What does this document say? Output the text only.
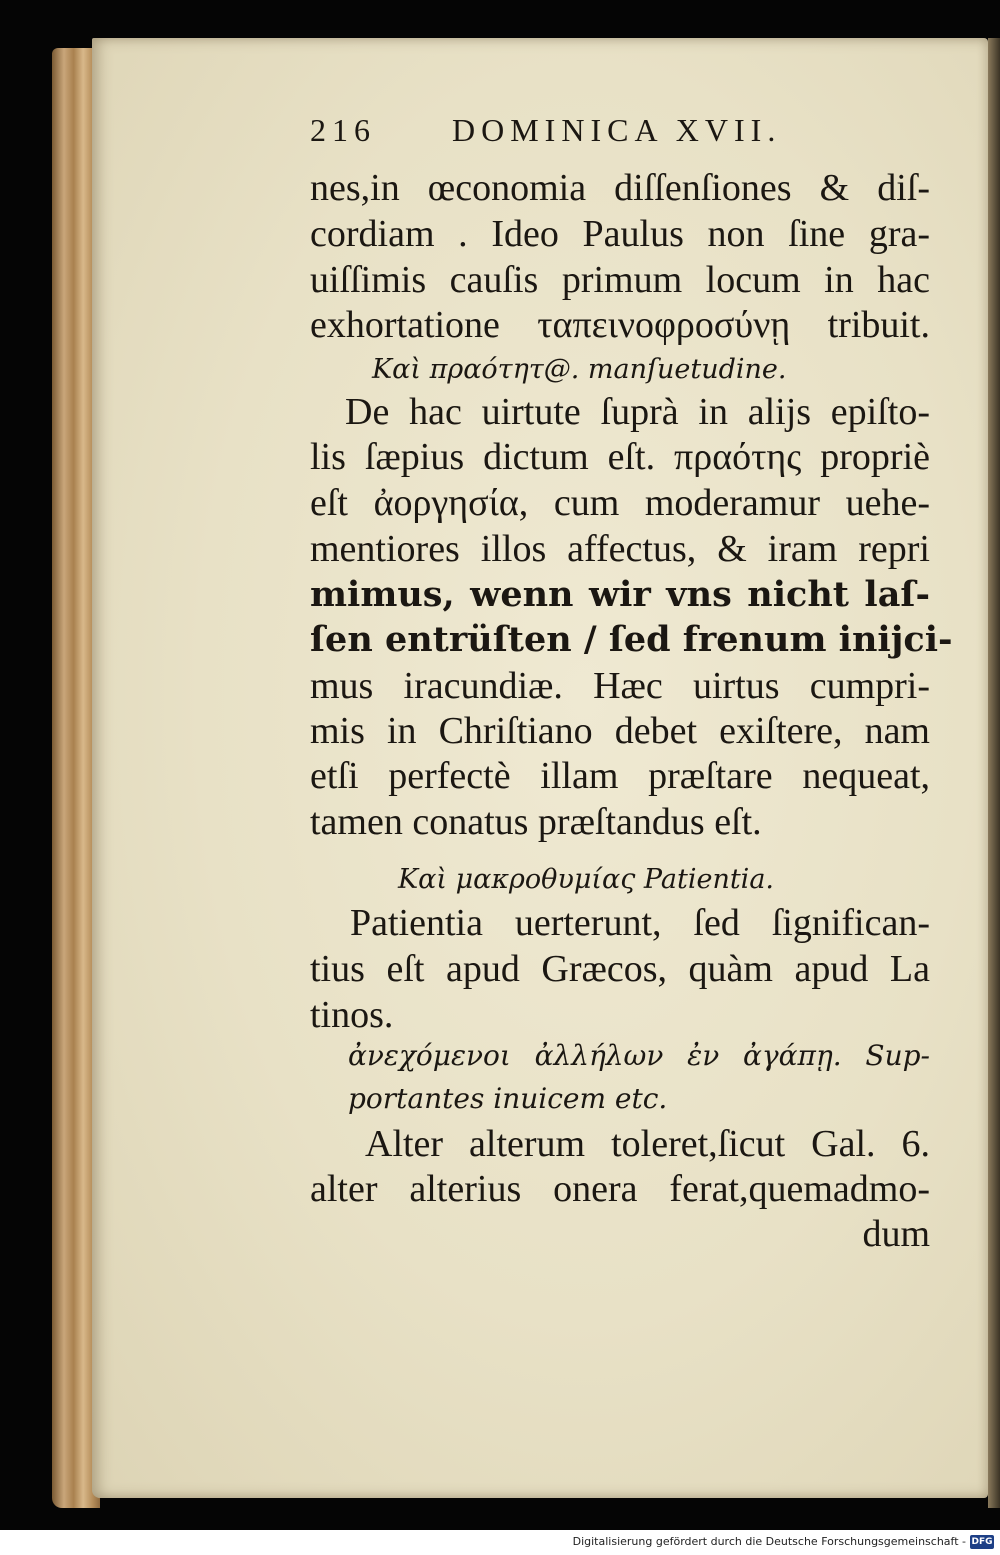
216 DOMINICA XVII.
nes,in œconomia diſſenſiones & diſ-
cordiam . Ideo Paulus non ſine gra-
uiſſimis cauſis primum locum in hac
exhortatione ταπεινοφροσύνῃ tribuit.
Καὶ πραότητ@. manſuetudine.
De hac uirtute ſuprà in alijs epiſto-
lis ſæpius dictum eſt. πραότης propriè
eſt ἀοργησία, cum moderamur uehe-
mentiores illos affectus, & iram repri
mimus, wenn wir vns nicht laſ-
ſen entrüſten / ſed frenum inijci-
mus iracundiæ. Hæc uirtus cumpri-
mis in Chriſtiano debet exiſtere, nam
etſi perfectè illam præſtare nequeat,
tamen conatus præſtandus eſt.
Καὶ μακροθυμίας Patientia.
Patientia uerterunt, ſed ſignifican-
tius eſt apud Græcos, quàm apud La
tinos.
ἀνεχόμενοι ἀλλήλων ἐν ἀγάπῃ. Sup-
portantes inuicem etc.
Alter alterum toleret,ſicut Gal. 6.
alter alterius onera ferat,quemadmo-
dum
Digitalisierung gefördert durch die Deutsche Forschungsgemeinschaft - DFG
